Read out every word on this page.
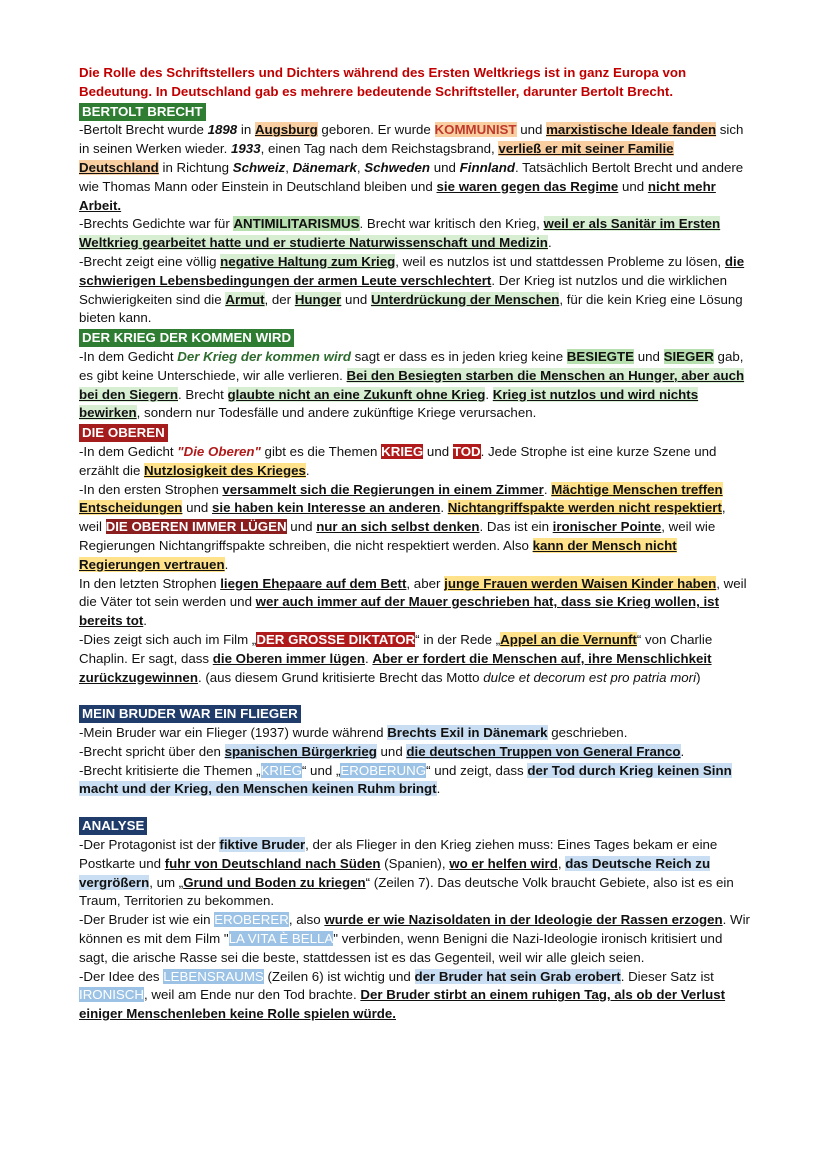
Die Rolle des Schriftstellers und Dichters während des Ersten Weltkriegs ist in ganz Europa von Bedeutung. In Deutschland gab es mehrere bedeutende Schriftsteller, darunter Bertolt Brecht.

BERTOLT BRECHT

-Bertolt Brecht wurde 1898 in Augsburg geboren. Er wurde KOMMUNIST und marxistische Ideale fanden sich in seinen Werken wieder. 1933, einen Tag nach dem Reichstagsbrand, verließ er mit seiner Familie Deutschland in Richtung Schweiz, Dänemark, Schweden und Finnland. Tatsächlich Bertolt Brecht und andere wie Thomas Mann oder Einstein in Deutschland bleiben und sie waren gegen das Regime und nicht mehr Arbeit.

-Brechts Gedichte war für ANTIMILITARISMUS. Brecht war kritisch den Krieg, weil er als Sanitär im Ersten Weltkrieg gearbeitet hatte und er studierte Naturwissenschaft und Medizin.

-Brecht zeigt eine völlig negative Haltung zum Krieg, weil es nutzlos ist und stattdessen Probleme zu lösen, die schwierigen Lebensbedingungen der armen Leute verschlechtert. Der Krieg ist nutzlos und die wirklichen Schwierigkeiten sind die Armut, der Hunger und Unterdrückung der Menschen, für die kein Krieg eine Lösung bieten kann.

DER KRIEG DER KOMMEN WIRD

-In dem Gedicht Der Krieg der kommen wird sagt er dass es in jeden krieg keine BESIEGTE und SIEGER gab, es gibt keine Unterschiede, wir alle verlieren. Bei den Besiegten starben die Menschen an Hunger, aber auch bei den Siegern. Brecht glaubte nicht an eine Zukunft ohne Krieg. Krieg ist nutzlos und wird nichts bewirken, sondern nur Todesfälle und andere zukünftige Kriege verursachen.

DIE OBEREN

-In dem Gedicht "Die Oberen" gibt es die Themen KRIEG und TOD. Jede Strophe ist eine kurze Szene und erzählt die Nutzlosigkeit des Krieges.

-In den ersten Strophen versammelt sich die Regierungen in einem Zimmer. Mächtige Menschen treffen Entscheidungen und sie haben kein Interesse an anderen. Nichtangriffspakte werden nicht respektiert, weil DIE OBEREN IMMER LÜGEN und nur an sich selbst denken. Das ist ein ironischer Pointe, weil wie Regierungen Nichtangriffspakte schreiben, die nicht respektiert werden. Also kann der Mensch nicht Regierungen vertrauen.

In den letzten Strophen liegen Ehepaare auf dem Bett, aber junge Frauen werden Waisen Kinder haben, weil die Väter tot sein werden und wer auch immer auf der Mauer geschrieben hat, dass sie Krieg wollen, ist bereits tot.

-Dies zeigt sich auch im Film „DER GROSSE DIKTATOR“ in der Rede „Appel an die Vernunft“ von Charlie Chaplin. Er sagt, dass die Oberen immer lügen. Aber er fordert die Menschen auf, ihre Menschlichkeit zurückzugewinnen. (aus diesem Grund kritisierte Brecht das Motto dulce et decorum est pro patria mori)

MEIN BRUDER WAR EIN FLIEGER

-Mein Bruder war ein Flieger (1937) wurde während Brechts Exil in Dänemark geschrieben.

-Brecht spricht über den spanischen Bürgerkrieg und die deutschen Truppen von General Franco.

-Brecht kritisierte die Themen „KRIEG“ und „EROBERUNG“ und zeigt, dass der Tod durch Krieg keinen Sinn macht und der Krieg, den Menschen keinen Ruhm bringt.

ANALYSE

-Der Protagonist ist der fiktive Bruder, der als Flieger in den Krieg ziehen muss: Eines Tages bekam er eine Postkarte und fuhr von Deutschland nach Süden (Spanien), wo er helfen wird, das Deutsche Reich zu vergrößern, um „Grund und Boden zu kriegen“ (Zeilen 7). Das deutsche Volk braucht Gebiete, also ist es ein Traum, Territorien zu bekommen.

-Der Bruder ist wie ein EROBERER, also wurde er wie Nazisoldaten in der Ideologie der Rassen erzogen. Wir können es mit dem Film "LA VITA È BELLA" verbinden, wenn Benigni die Nazi-Ideologie ironisch kritisiert und sagt, die arische Rasse sei die beste, stattdessen ist es das Gegenteil, weil wir alle gleich seien.

-Der Idee des LEBENSRAUMS (Zeilen 6) ist wichtig und der Bruder hat sein Grab erobert. Dieser Satz ist IRONISCH, weil am Ende nur den Tod brachte. Der Bruder stirbt an einem ruhigen Tag, als ob der Verlust einiger Menschenleben keine Rolle spielen würde.
